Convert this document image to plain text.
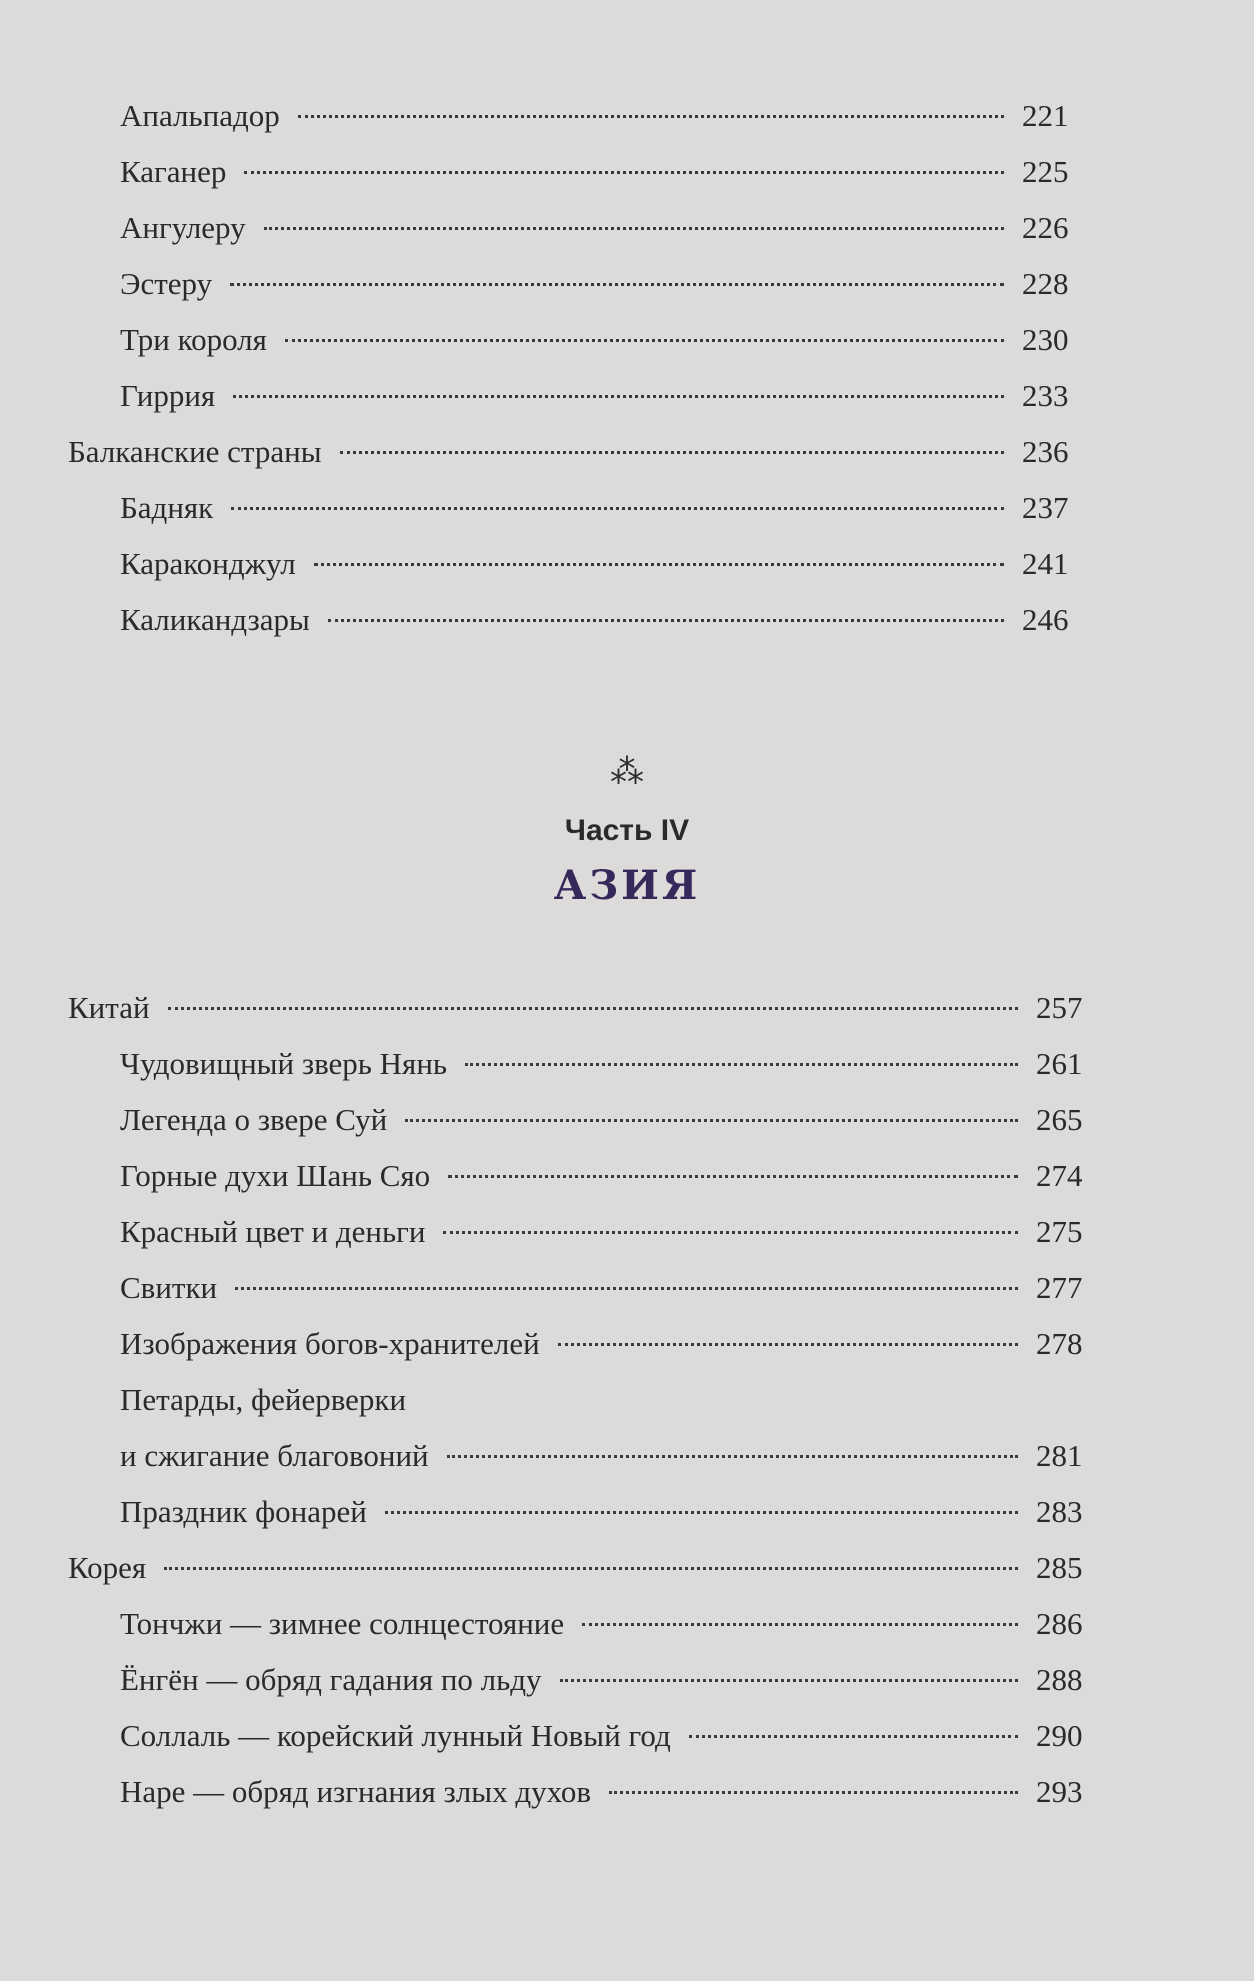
Апальпадор	221
Каганер	225
Ангулеру	226
Эстеру	228
Три короля	230
Гиррия	233
Балканские страны	236
Бадняк	237
Караконджул	241
Каликандзары	246
⁂
Часть IV
АЗИЯ
Китай	257
Чудовищный зверь Нянь	261
Легенда о звере Суй	265
Горные духи Шань Сяо	274
Красный цвет и деньги	275
Свитки	277
Изображения богов-хранителей	278
Петарды, фейерверки
и сжигание благовоний	281
Праздник фонарей	283
Корея	285
Тончжи — зимнее солнцестояние	286
Ёнгён — обряд гадания по льду	288
Соллаль — корейский лунный Новый год	290
Наре — обряд изгнания злых духов	293
